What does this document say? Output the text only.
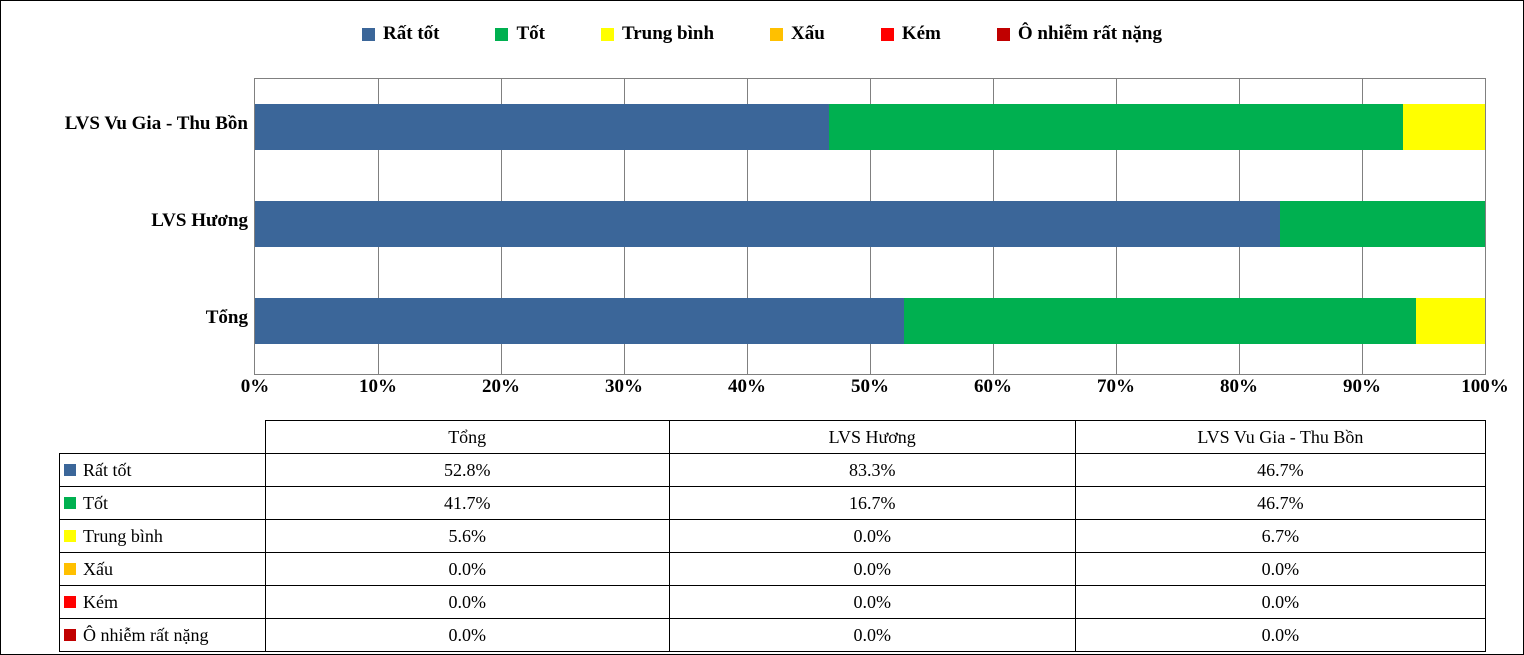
Rất tốt	Tốt	Trung bình	Xấu	Kém	Ô nhiễm rất nặng
LVS Vu Gia - Thu Bồn
LVS Hương
Tổng
0%	10%	20%	30%	40%	50%	60%	70%	80%	90%	100%
	Tổng	LVS Hương	LVS Vu Gia - Thu Bồn

Rất tốt	52.8%	83.3%	46.7%

Tốt	41.7%	16.7%	46.7%

Trung bình	5.6%	0.0%	6.7%

Xấu	0.0%	0.0%	0.0%

Kém	0.0%	0.0%	0.0%

Ô nhiễm rất nặng	0.0%	0.0%	0.0%
